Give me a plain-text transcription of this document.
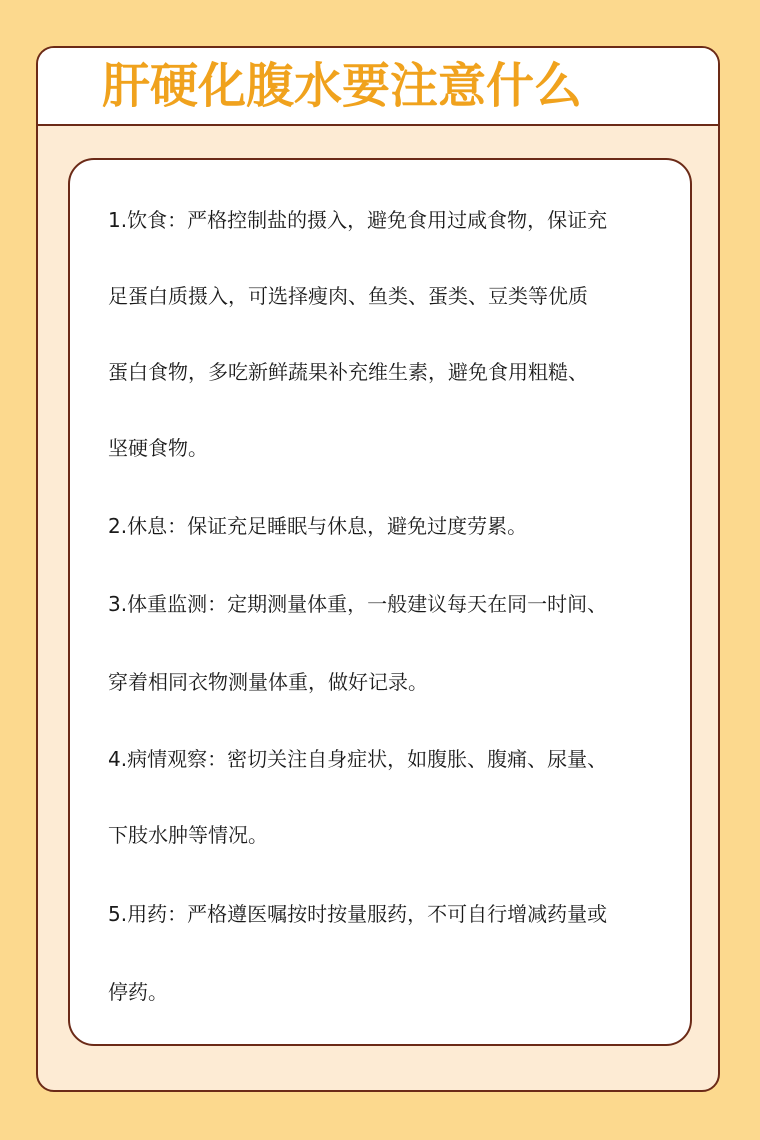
肝硬化腹水要注意什么

1.饮食：严格控制盐的摄入，避免食用过咸食物，保证充

足蛋白质摄入，可选择瘦肉、鱼类、蛋类、豆类等优质

蛋白食物，多吃新鲜蔬果补充维生素，避免食用粗糙、

坚硬食物。

2.休息：保证充足睡眠与休息，避免过度劳累。

3.体重监测：定期测量体重，一般建议每天在同一时间、

穿着相同衣物测量体重，做好记录。

4.病情观察：密切关注自身症状，如腹胀、腹痛、尿量、

下肢水肿等情况。

5.用药：严格遵医嘱按时按量服药，不可自行增减药量或

停药。
